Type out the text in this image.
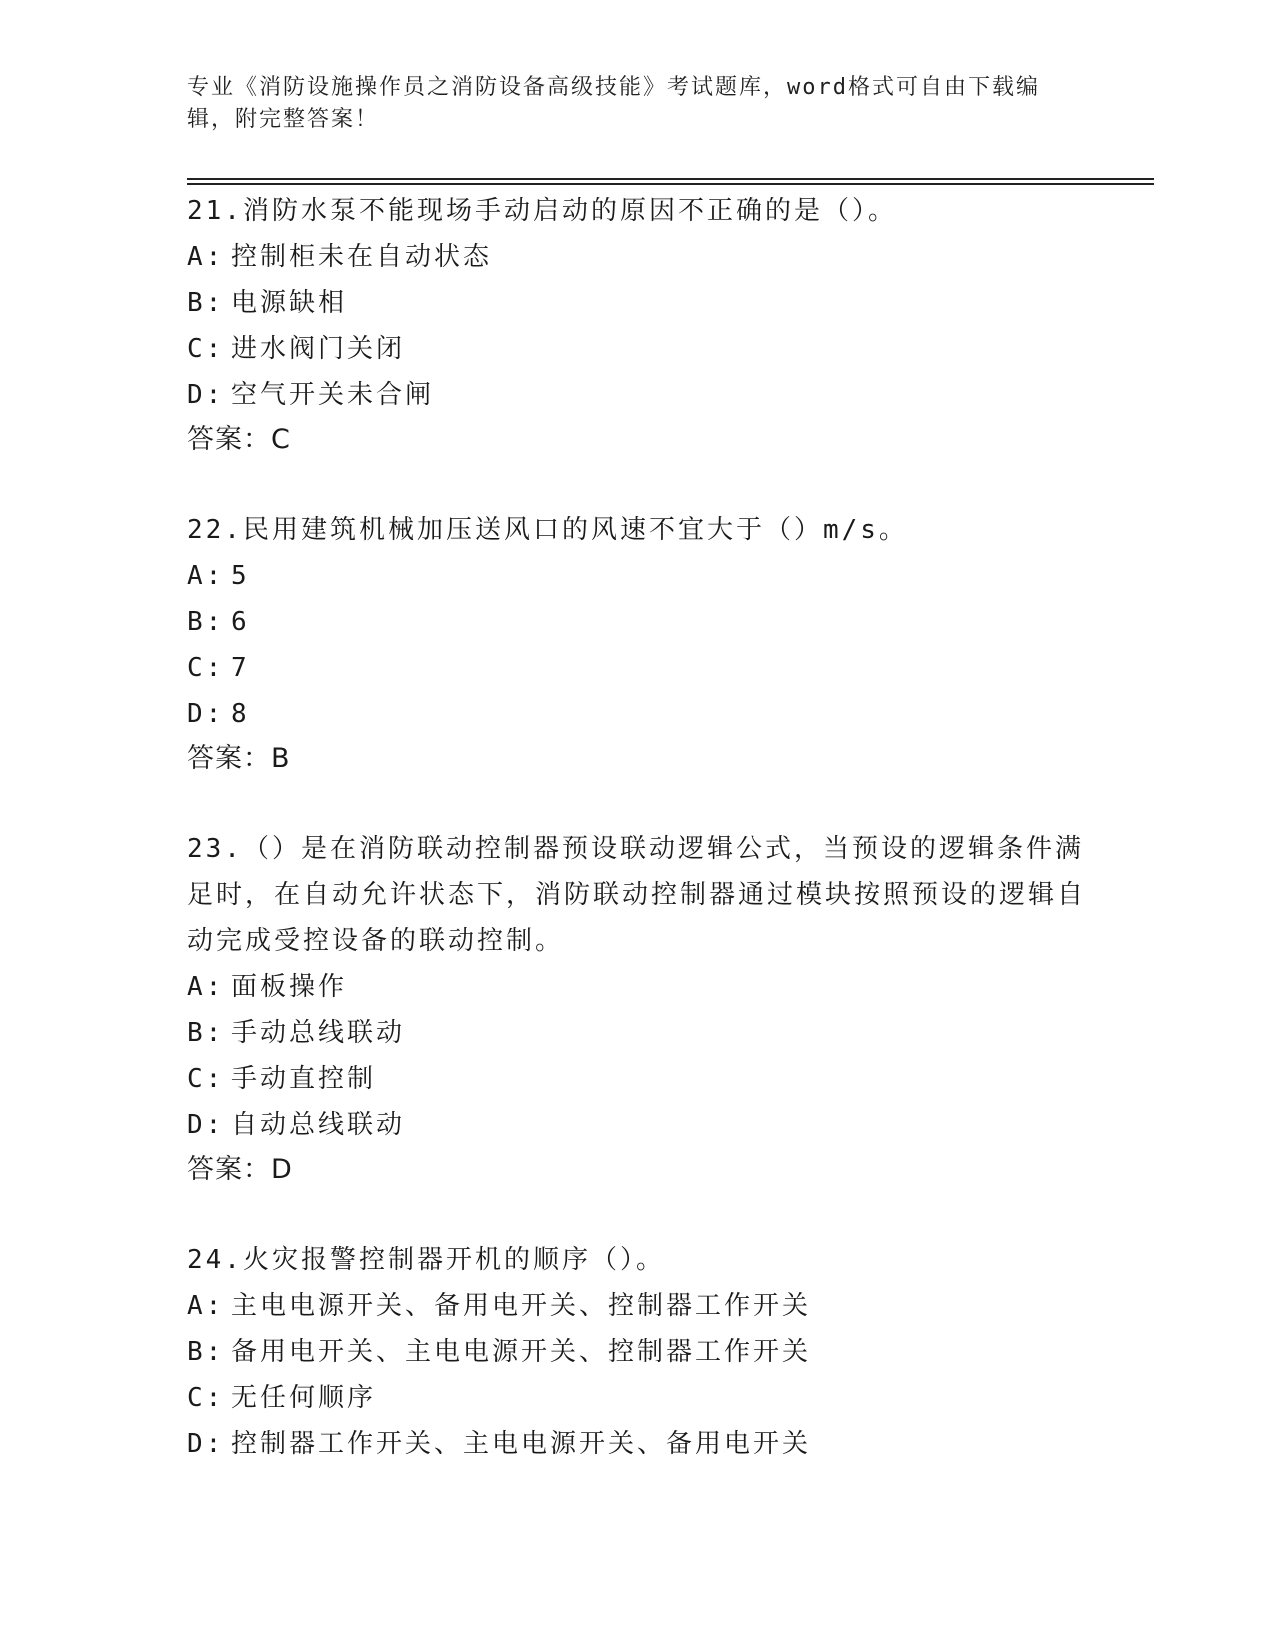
专业《消防设施操作员之消防设备高级技能》考试题库，word格式可自由下载编辑，附完整答案！

21.消防水泵不能现场手动启动的原因不正确的是（）。

A: 控制柜未在自动状态

B: 电源缺相

C: 进水阀门关闭

D: 空气开关未合闸

答案：C

22.民用建筑机械加压送风口的风速不宜大于（）m/s。

A: 5

B: 6

C: 7

D: 8

答案：B

23.（）是在消防联动控制器预设联动逻辑公式，当预设的逻辑条件满足时，在自动允许状态下，消防联动控制器通过模块按照预设的逻辑自动完成受控设备的联动控制。

A: 面板操作

B: 手动总线联动

C: 手动直控制

D: 自动总线联动

答案：D

24.火灾报警控制器开机的顺序（）。

A: 主电电源开关、备用电开关、控制器工作开关

B: 备用电开关、主电电源开关、控制器工作开关

C: 无任何顺序

D: 控制器工作开关、主电电源开关、备用电开关
